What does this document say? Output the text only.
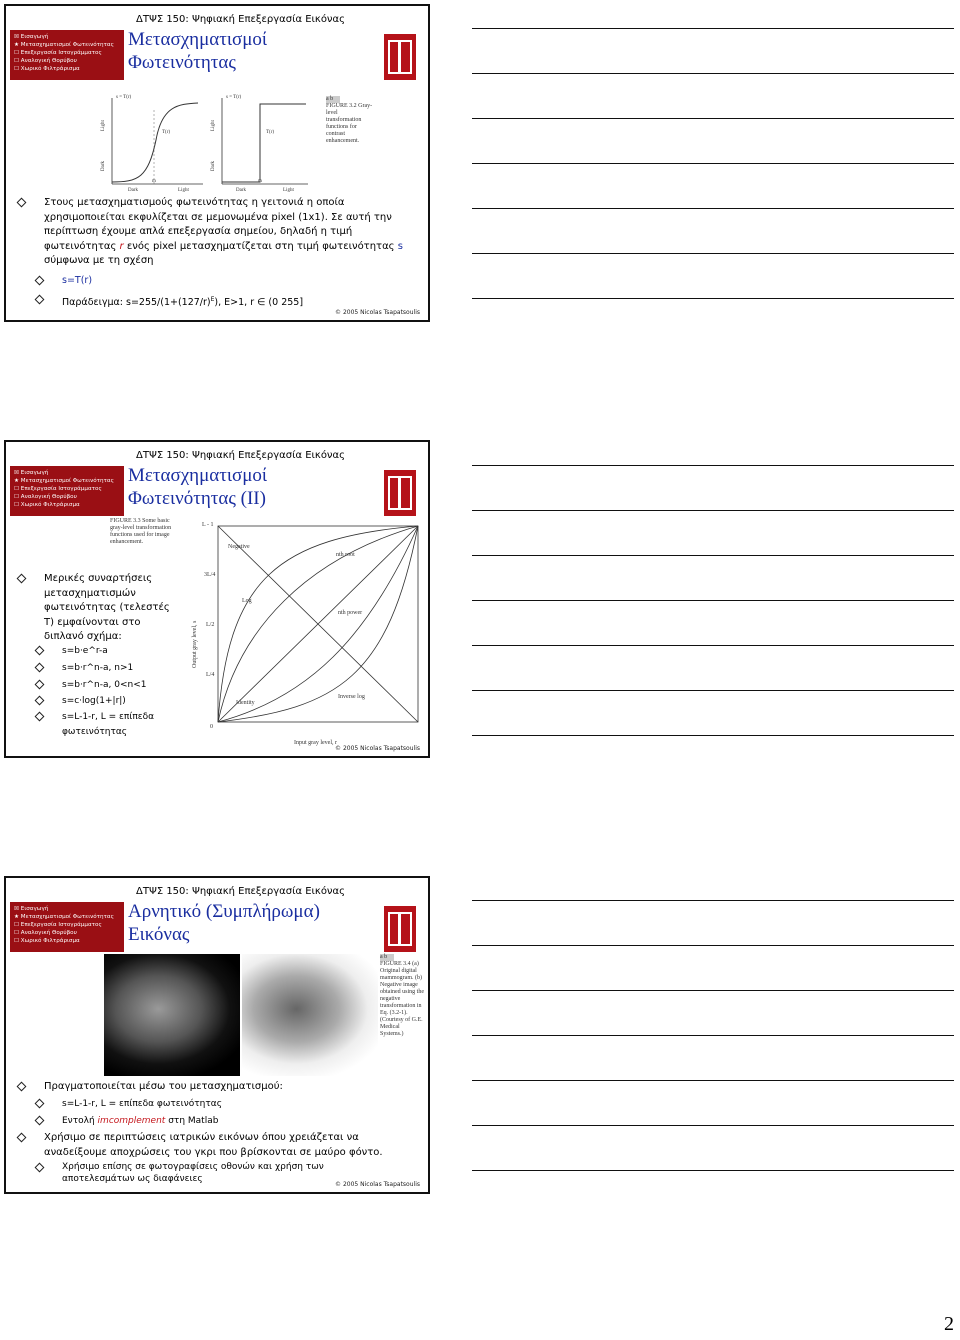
ΔΤΨΣ 150: Ψηφιακή Επεξεργασία Εικόνας
☒ Εισαγωγή
★ Μετασχηματισμοί Φωτεινότητας
☐ Επεξεργασία Ιστογράμματος
☐ Αναλογική Θορύβου
☐ Χωρικό Φιλτράρισμα
Μετασχηματισμοί
Φωτεινότητας
s = T(r)
T(r)
Light
Dark
Dark	Light
m
s = T(r)
T(r)
Light
Dark
Dark	Light
m
a b
FIGURE 3.2 Gray-level transformation functions for contrast enhancement.
Στους μετασχηματισμούς φωτεινότητας η γειτονιά η οποία χρησιμοποιείται εκφυλίζεται σε μεμονωμένα pixel (1x1). Σε αυτή την περίπτωση έχουμε απλά επεξεργασία σημείου, δηλαδή η τιμή φωτεινότητας r ενός pixel μετασχηματίζεται στη τιμή φωτεινότητας s σύμφωνα με τη σχέση
s=T(r)
Παράδειγμα: $s=255/(1+(127/r)^E)$, E>1, r ∈ (0 255]
© 2005 Nicolas Tsapatsoulis
ΔΤΨΣ 150: Ψηφιακή Επεξεργασία Εικόνας
☒ Εισαγωγή
★ Μετασχηματισμοί Φωτεινότητας
☐ Επεξεργασία Ιστογράμματος
☐ Αναλογική Θορύβου
☐ Χωρικό Φιλτράρισμα
Μετασχηματισμοί
Φωτεινότητας (ΙΙ)
FIGURE 3.3 Some basic gray-level transformation functions used for image enhancement.
Negative
nth root
Log
nth power
Identity
Inverse log
L - 1
3L/4
L/2
L/4
0
Output gray level, s
Input gray level, r
Μερικές συναρτήσεις μετασχηματισμών φωτεινότητας (τελεστές T) εμφαίνονται στο διπλανό σχήμα:
s=b·e^r-a
s=b·r^n-a, n>1
s=b·r^n-a, 0<n<1
s=c·log(1+|r|)
s=L-1-r, L = επίπεδα φωτεινότητας
© 2005 Nicolas Tsapatsoulis
ΔΤΨΣ 150: Ψηφιακή Επεξεργασία Εικόνας
☒ Εισαγωγή
★ Μετασχηματισμοί Φωτεινότητας
☐ Επεξεργασία Ιστογράμματος
☐ Αναλογική Θορύβου
☐ Χωρικό Φιλτράρισμα
Αρνητικό (Συμπλήρωμα)
Εικόνας
a b
FIGURE 3.4 (a) Original digital mammogram. (b) Negative image obtained using the negative transformation in Eq. (3.2-1). (Courtesy of G.E. Medical Systems.)
Πραγματοποιείται μέσω του μετασχηματισμού:
s=L-1-r, L = επίπεδα φωτεινότητας
Εντολή imcomplement στη Matlab
Χρήσιμο σε περιπτώσεις ιατρικών εικόνων όπου χρειάζεται να αναδείξουμε αποχρώσεις του γκρι που βρίσκονται σε μαύρο φόντο.
Χρήσιμο επίσης σε φωτογραφίσεις οθονών και χρήση των αποτελεσμάτων ως διαφάνειες
© 2005 Nicolas Tsapatsoulis
2
